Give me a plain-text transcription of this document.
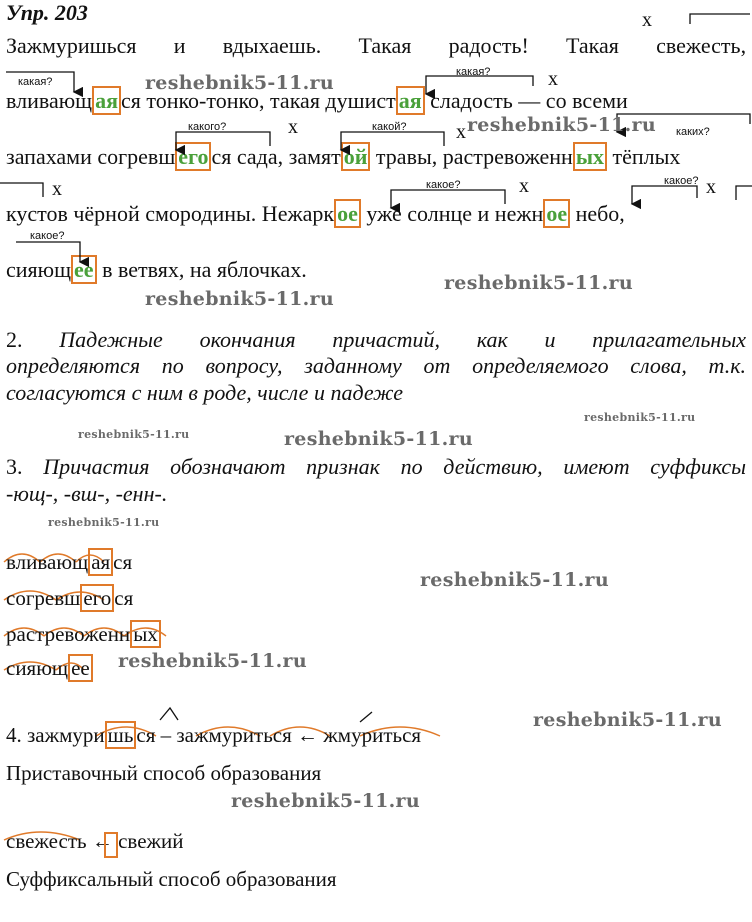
Упр. 203
Зажмуришься и вдыхаешь. Такая радость! Такая свежесть,
вливающ ая ся тонко-тонко, такая душист ая сладость — со всеми
запахами согревш его ся сада, замят ой травы, растревоженн ых тёплых
кустов чёрной смородины. Нежарк ое уже солнце и нежн ое небо,
сияющ ее в ветвях, на яблочках.
какая?
какая?
какого?	какой?	каких?
какое?	какое?
какое?
х
х
х	х
х	х	х
2. Падежные окончания причастий, как и прилагательных
определяются по вопросу, заданному от определяемого слова, т.к.
согласуются с ним в роде, числе и падеже
3. Причастия обозначают признак по действию, имеют суффиксы
-ющ-, -вш-, -енн-.
вливающ ая ся
согревш его ся
растревоженн ых
сияющ ее
4. зажмури шь ся – зажмуриться ← жмуриться
Приставочный способ образования
свежесть ← свежий
Суффиксальный способ образования
reshebnik5-11.ru
reshebnik5-11.ru
reshebnik5-11.ru
reshebnik5-11.ru
reshebnik5-11.ru
reshebnik5-11.ru	reshebnik5-11.ru
reshebnik5-11.ru
reshebnik5-11.ru
reshebnik5-11.ru
reshebnik5-11.ru
reshebnik5-11.ru
